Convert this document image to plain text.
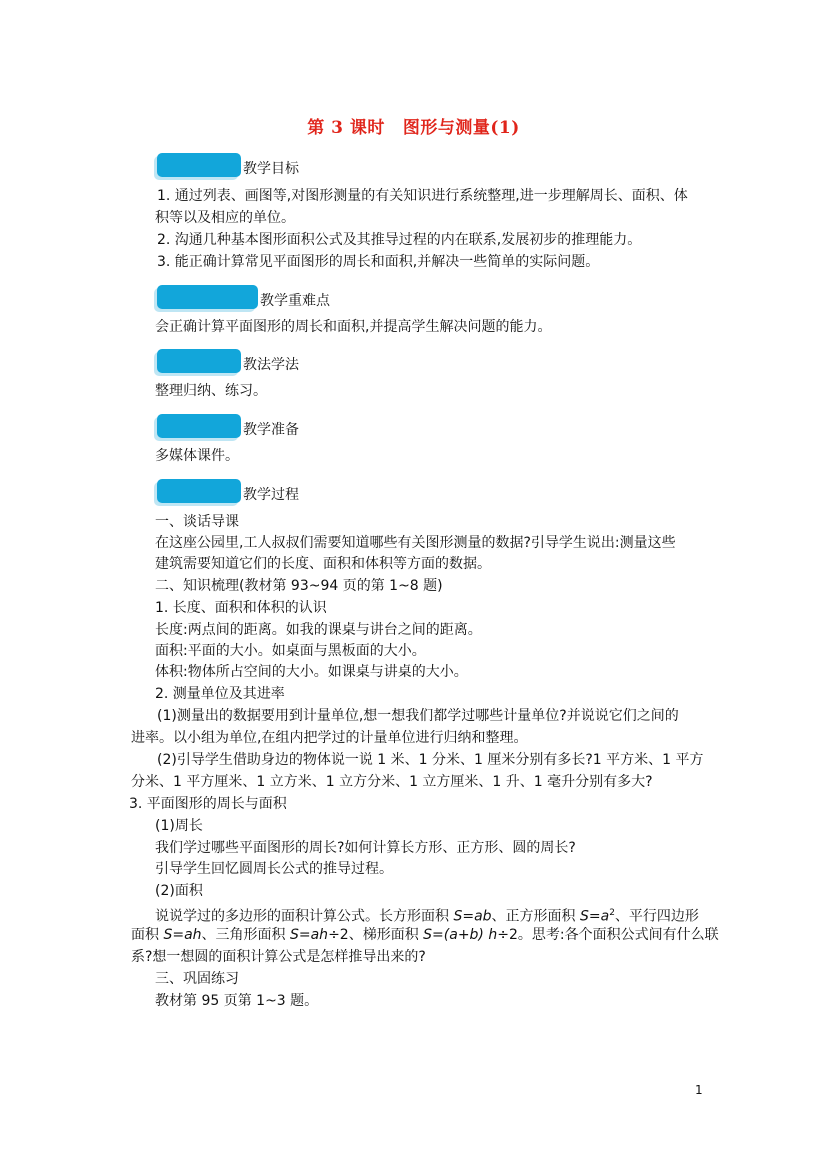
第 3 课时 图形与测量(1)
教学目标
1. 通过列表、画图等,对图形测量的有关知识进行系统整理,进一步理解周长、面积、体
积等以及相应的单位。
2. 沟通几种基本图形面积公式及其推导过程的内在联系,发展初步的推理能力。
3. 能正确计算常见平面图形的周长和面积,并解决一些简单的实际问题。
教学重难点
会正确计算平面图形的周长和面积,并提高学生解决问题的能力。
教法学法
整理归纳、练习。
教学准备
多媒体课件。
教学过程
一、谈话导课
在这座公园里,工人叔叔们需要知道哪些有关图形测量的数据?引导学生说出:测量这些
建筑需要知道它们的长度、面积和体积等方面的数据。
二、知识梳理(教材第 93~94 页的第 1~8 题)
1. 长度、面积和体积的认识
长度:两点间的距离。如我的课桌与讲台之间的距离。
面积:平面的大小。如桌面与黑板面的大小。
体积:物体所占空间的大小。如课桌与讲桌的大小。
2. 测量单位及其进率
(1)测量出的数据要用到计量单位,想一想我们都学过哪些计量单位?并说说它们之间的
进率。以小组为单位,在组内把学过的计量单位进行归纳和整理。
(2)引导学生借助身边的物体说一说 1 米、1 分米、1 厘米分别有多长?1 平方米、1 平方
分米、1 平方厘米、1 立方米、1 立方分米、1 立方厘米、1 升、1 毫升分别有多大?
3. 平面图形的周长与面积
(1)周长
我们学过哪些平面图形的周长?如何计算长方形、正方形、圆的周长?
引导学生回忆圆周长公式的推导过程。
(2)面积
说说学过的多边形的面积计算公式。长方形面积 S=ab、正方形面积 $S=a^2$、平行四边形
面积 S=ah、三角形面积 S=ah÷2、梯形面积 S=(a+b) h÷2。思考:各个面积公式间有什么联
系?想一想圆的面积计算公式是怎样推导出来的?
三、巩固练习
教材第 95 页第 1~3 题。
1
